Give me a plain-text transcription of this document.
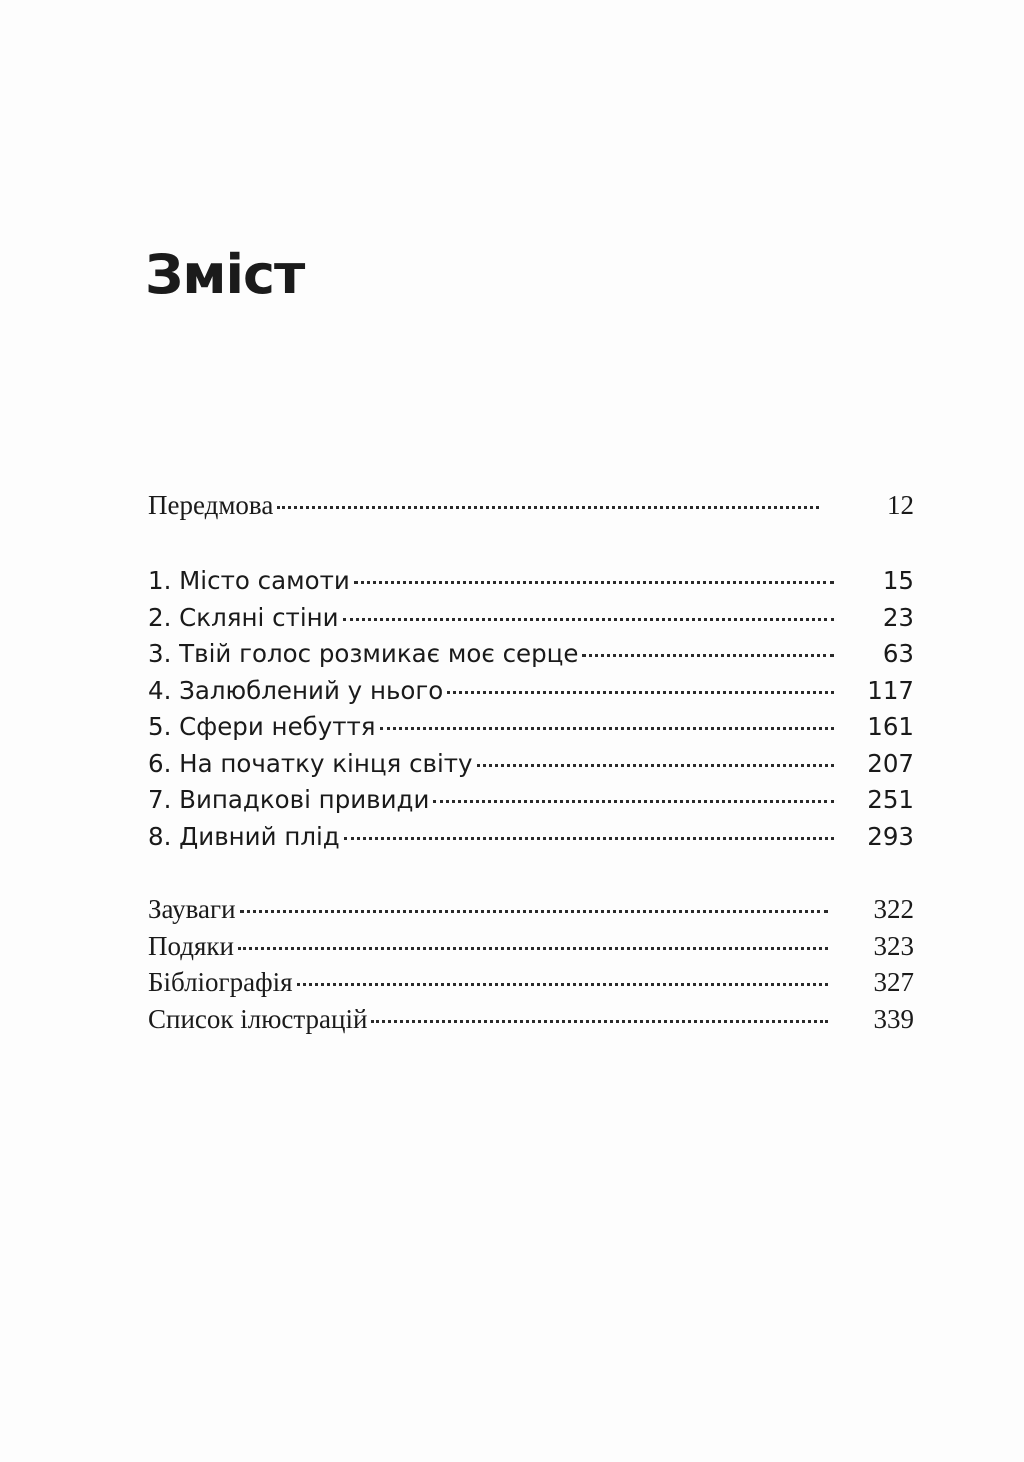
Зміст
Передмова	12
1. Місто самоти	15
2. Скляні стіни	23
3. Твій голос розмикає моє серце	63
4. Залюблений у нього	117
5. Сфери небуття	161
6. На початку кінця світу	207
7. Випадкові привиди	251
8. Дивний плід	293
Зауваги	322
Подяки	323
Бібліографія	327
Список ілюстрацій	339
